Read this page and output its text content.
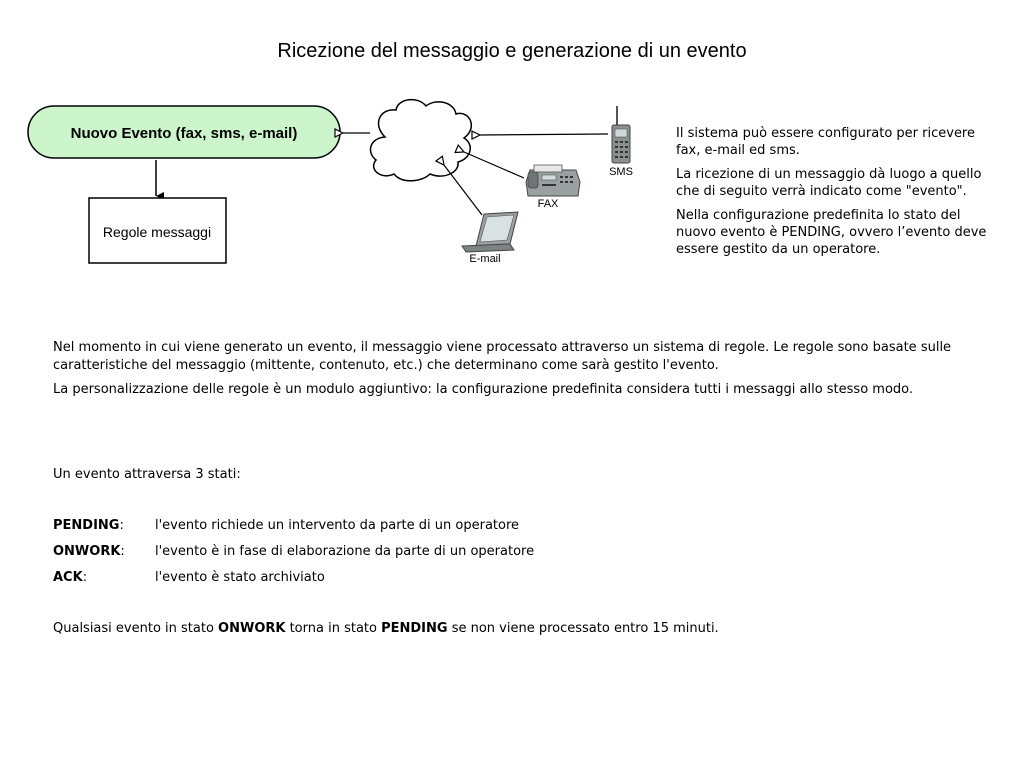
Ricezione del messaggio e generazione di un evento
Nuovo Evento (fax, sms, e-mail)
Regole messaggi
SMS
FAX
E-mail

Il sistema può essere configurato per ricevere fax, e-mail ed sms.

La ricezione di un messaggio dà luogo a quello che di seguito verrà indicato come "evento".

Nella configurazione predefinita lo stato del nuovo evento è PENDING, ovvero l’evento deve essere gestito da un operatore.

Nel momento in cui viene generato un evento, il messaggio viene processato attraverso un sistema di regole. Le regole sono basate sulle caratteristiche del messaggio (mittente, contenuto, etc.) che determinano come sarà gestito l'evento.

La personalizzazione delle regole è un modulo aggiuntivo: la configurazione predefinita considera tutti i messaggi allo stesso modo.

Un evento attraversa 3 stati:
PENDING:	l'evento richiede un intervento da parte di un operatore
ONWORK:	l'evento è in fase di elaborazione da parte di un operatore
ACK:	l'evento è stato archiviato
Qualsiasi evento in stato ONWORK torna in stato PENDING se non viene processato entro 15 minuti.
